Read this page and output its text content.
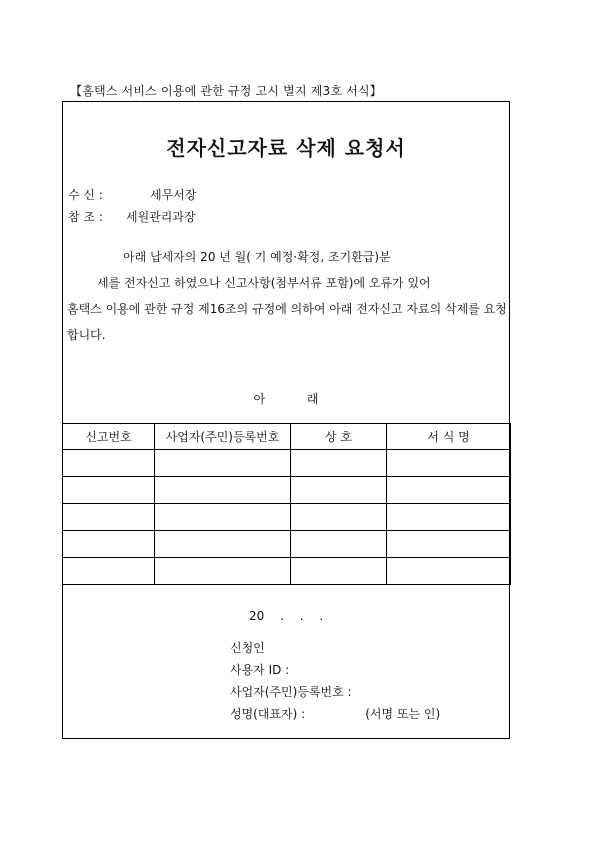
【홈택스 서비스 이용에 관한 규정 고시 별지 제3호 서식】
전자신고자료 삭제 요청서
수 신 :	세무서장
참 조 : 세원관리과장
아래 납세자의 20 년 월( 기 예정·확정, 조기환급)분
세를 전자신고 하였으나 신고사항(첨부서류 포함)에 오류가 있어
홈택스 이용에 관한 규정 제16조의 규정에 의하여 아래 전자신고 자료의 삭제를 요청합니다.
아 래
신고번호	사업자(주민)등록번호	상 호	서 식 명

20 . . .
신청인
사용자 ID :
사업자(주민)등록번호 :
성명(대표자) :	(서명 또는 인)
